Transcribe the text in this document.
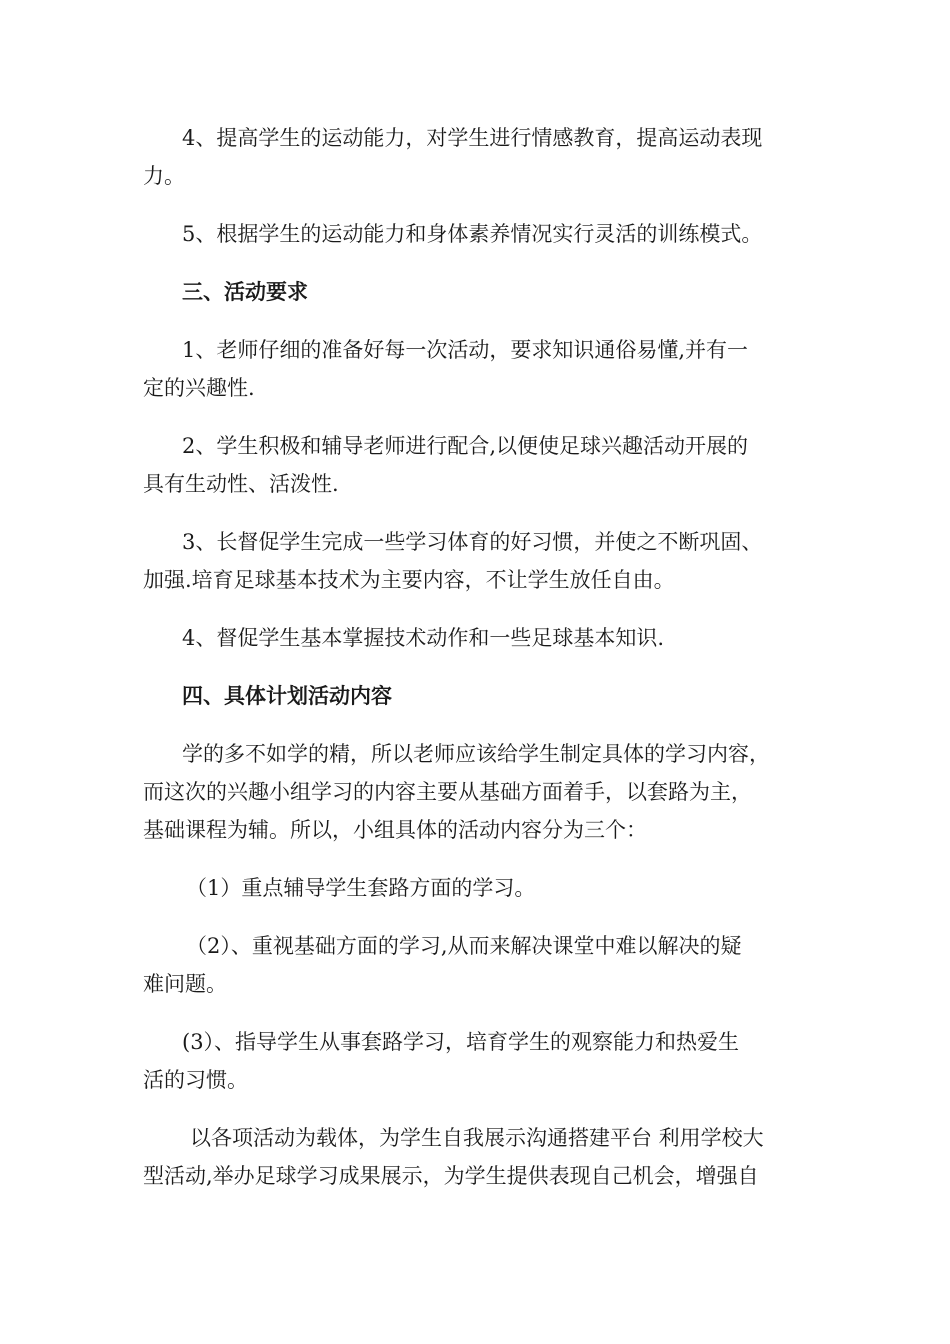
4、提高学生的运动能力，对学生进行情感教育，提高运动表现
力。
5、根据学生的运动能力和身体素养情况实行灵活的训练模式。
三、活动要求
1、老师仔细的准备好每一次活动，要求知识通俗易懂,并有一
定的兴趣性.
2、学生积极和辅导老师进行配合,以便使足球兴趣活动开展的
具有生动性、活泼性.
3、长督促学生完成一些学习体育的好习惯，并使之不断巩固、
加强.培育足球基本技术为主要内容，不让学生放任自由。
4、督促学生基本掌握技术动作和一些足球基本知识.
四、具体计划活动内容
学的多不如学的精，所以老师应该给学生制定具体的学习内容，
而这次的兴趣小组学习的内容主要从基础方面着手，以套路为主，
基础课程为辅。所以，小组具体的活动内容分为三个：
（1）重点辅导学生套路方面的学习。
（2）、重视基础方面的学习,从而来解决课堂中难以解决的疑
难问题。
(3）、指导学生从事套路学习，培育学生的观察能力和热爱生
活的习惯。
以各项活动为载体，为学生自我展示沟通搭建平台 利用学校大
型活动,举办足球学习成果展示，为学生提供表现自己机会，增强自
